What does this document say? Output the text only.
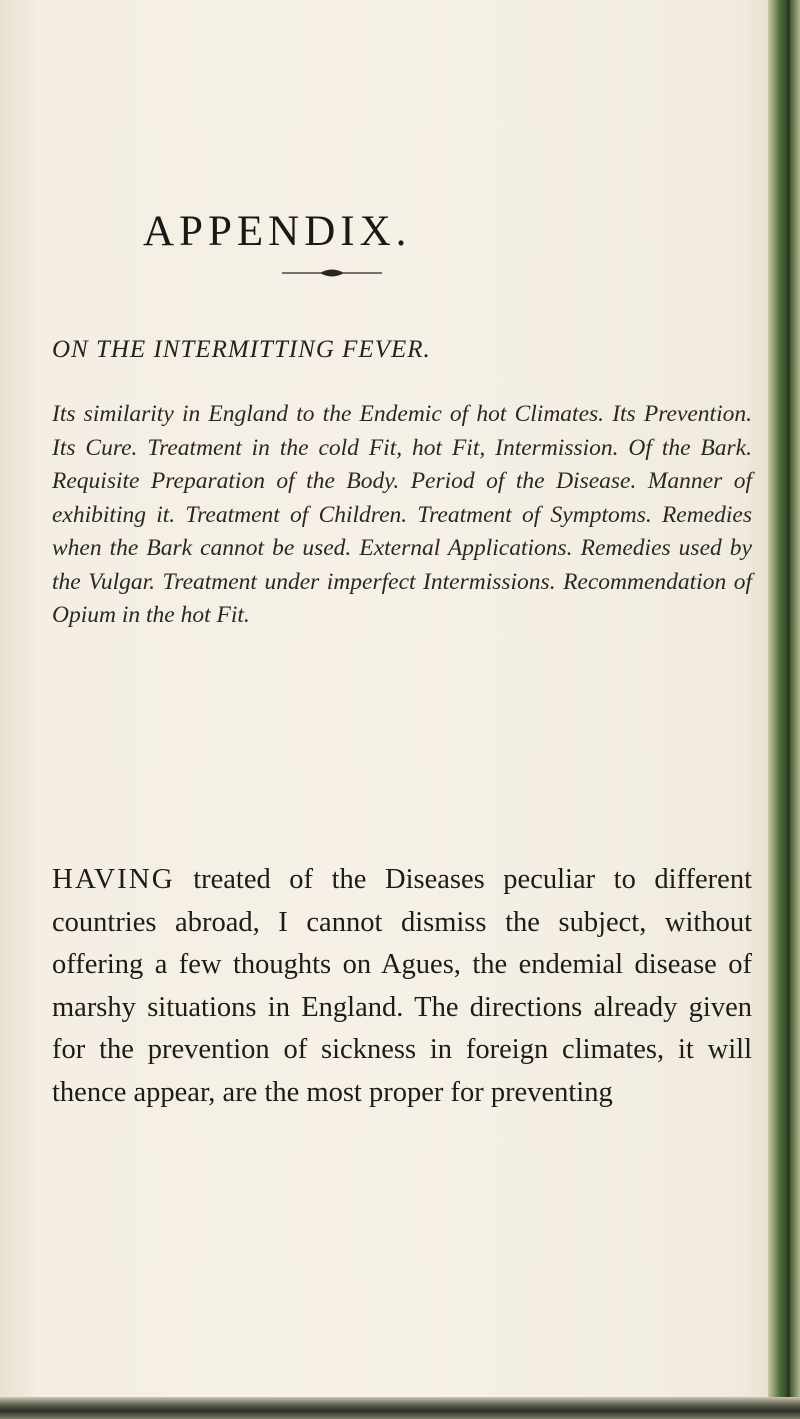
APPENDIX.
ON THE INTERMITTING FEVER.

Its similarity in England to the Endemic of hot Climates. Its Prevention. Its Cure. Treatment in the cold Fit, hot Fit, Intermission. Of the Bark. Requisite Preparation of the Body. Period of the Disease. Manner of exhibiting it. Treatment of Children. Treatment of Symptoms. Remedies when the Bark cannot be used. External Applications. Remedies used by the Vulgar. Treatment under imperfect Intermissions. Recommendation of Opium in the hot Fit.

HAVING treated of the Diseases peculiar to different countries abroad, I cannot dismiss the subject, without offering a few thoughts on Agues, the endemial disease of marshy situations in England. The directions already given for the prevention of sickness in foreign climates, it will thence appear, are the most proper for preventing
